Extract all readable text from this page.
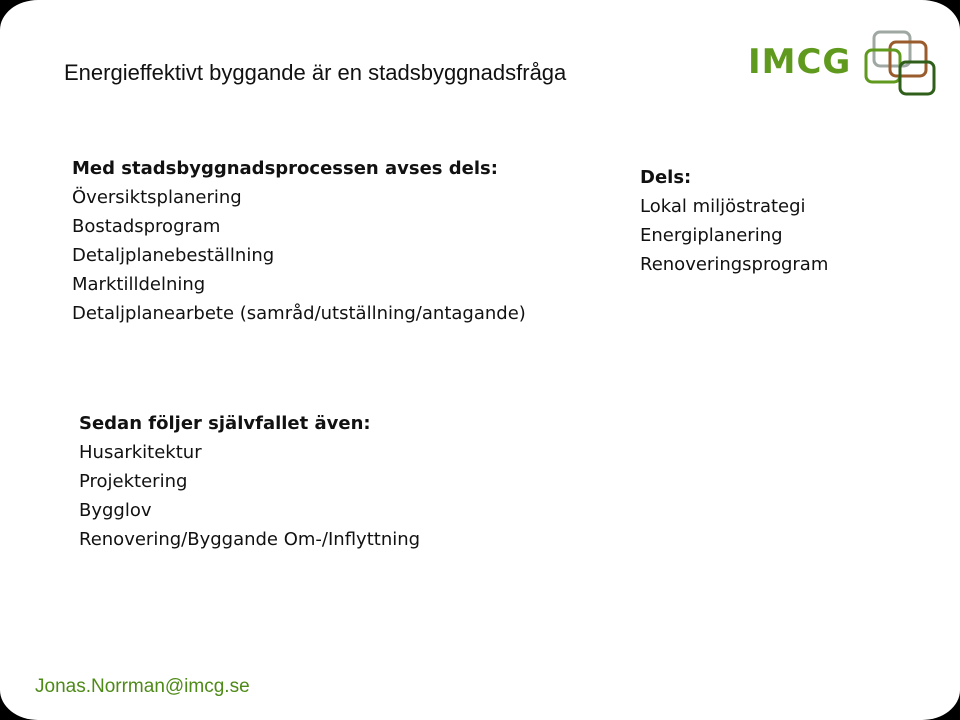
Energieffektivt byggande är en stadsbyggnadsfråga	IMCG
Med stadsbyggnadsprocessen avses dels:
Översiktsplanering
Bostadsprogram
Detaljplanebeställning
Marktilldelning
Detaljplanearbete (samråd/utställning/antagande)
Dels:
Lokal miljöstrategi
Energiplanering
Renoveringsprogram
Sedan följer självfallet även:
Husarkitektur
Projektering
Bygglov
Renovering/Byggande Om-/Inflyttning
Jonas.Norrman@imcg.se
